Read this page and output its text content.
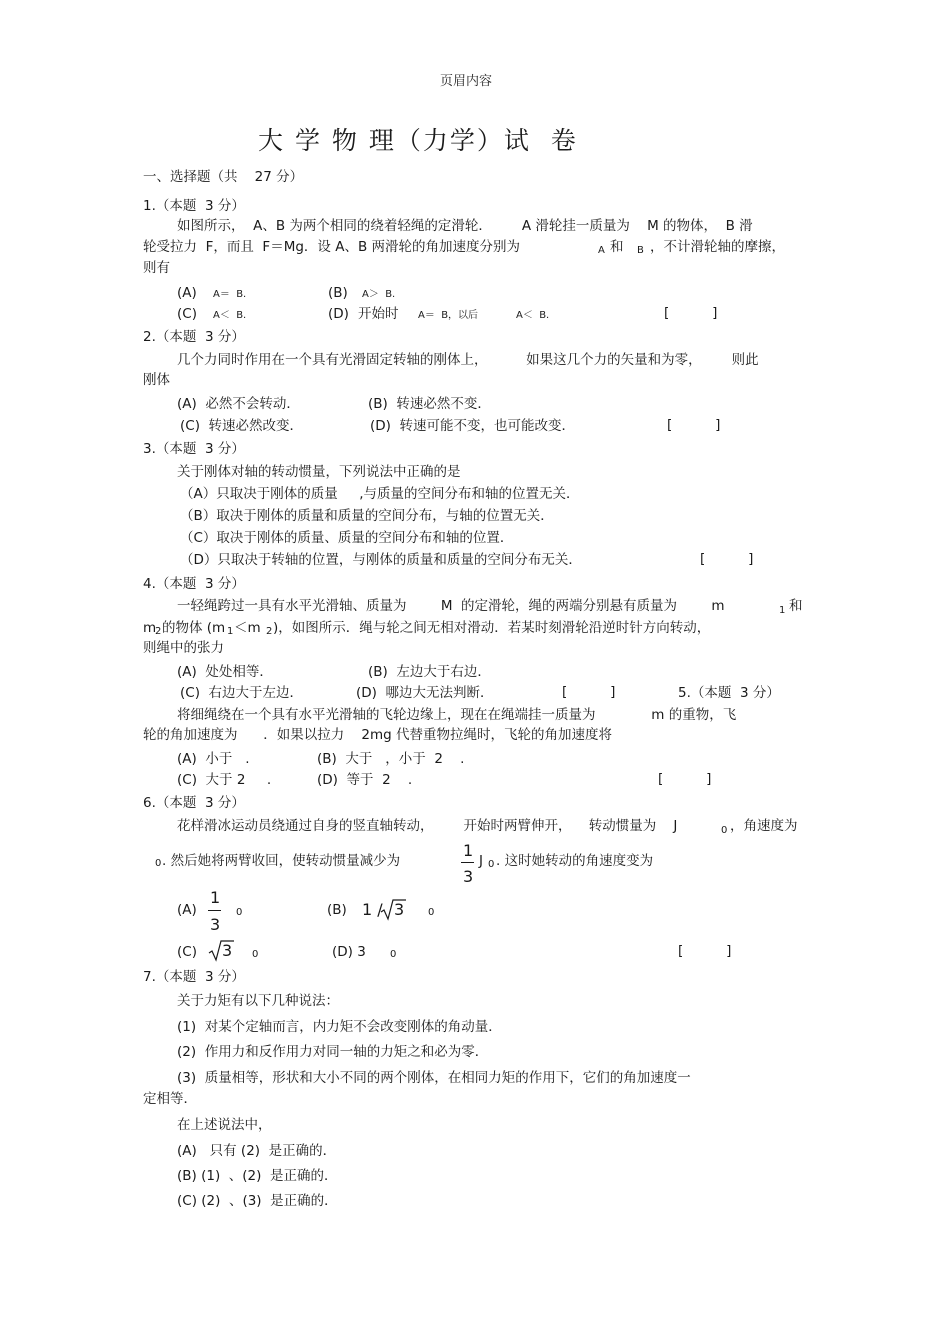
页眉内容
大 学 物 理（力学）试  卷
一、选择题（共    27 分）
1.（本题  3 分）
如图所示，  A、B 为两个相同的绕着轻绳的定滑轮．       A 滑轮挂一质量为    M 的物体，  B 滑
轮受拉力  F，而且  F＝Mg．设 A、B 两滑轮的角加速度分别为	A 和 B ，不计滑轮轴的摩擦，
则有
(A) A＝  B.	(B) A＞  B.
(C) A＜  B.	(D) 开始时 A＝  B，以后	A＜  B.	[          ]
2.（本题  3 分）
几个力同时作用在一个具有光滑固定转轴的刚体上，         如果这几个力的矢量和为零，       则此
刚体
(A)  必然不会转动．	(B)  转速必然不变．
(C)  转速必然改变．	(D)  转速可能不变，也可能改变．	[          ]
3.（本题  3 分）
关于刚体对轴的转动惯量，下列说法中正确的是
（A）只取决于刚体的质量     ,与质量的空间分布和轴的位置无关．
（B）取决于刚体的质量和质量的空间分布，与轴的位置无关．
（C）取决于刚体的质量、质量的空间分布和轴的位置．
（D）只取决于转轴的位置，与刚体的质量和质量的空间分布无关．	[          ]
4.（本题  3 分）
一轻绳跨过一具有水平光滑轴、质量为        M  的定滑轮，绳的两端分别悬有质量为        m	1 和
m
2 的物体 (m 1 ＜m 2 )，如图所示．绳与轮之间无相对滑动．若某时刻滑轮沿逆时针方向转动，
则绳中的张力
(A)  处处相等．	(B)  左边大于右边．
(C)  右边大于左边．	(D)  哪边大无法判断．	[          ]	5.（本题  3 分）
将细绳绕在一个具有水平光滑轴的飞轮边缘上，现在在绳端挂一质量为             m 的重物，飞
轮的角加速度为      ．如果以拉力    2mg 代替重物拉绳时，飞轮的角加速度将
(A)  小于   .	(B)  大于   ，小于  2    .
(C)  大于 2     .	(D)  等于  2    .	[          ]
6.（本题  3 分）
花样滑冰运动员绕通过自身的竖直轴转动，       开始时两臂伸开，    转动惯量为    J	0 ，角速度为
0 . 然后她将两臂收回，使转动惯量减少为
1
3
J 0 . 这时她转动的角速度变为
(A)
1
3
0	(B) 1 / 3 0
(C) 3 0	(D) 3 0	[          ]
7.（本题  3 分）
关于力矩有以下几种说法：
(1)  对某个定轴而言，内力矩不会改变刚体的角动量．
(2)  作用力和反作用力对同一轴的力矩之和必为零．
(3)  质量相等，形状和大小不同的两个刚体，在相同力矩的作用下，它们的角加速度一
定相等．
在上述说法中，
(A)   只有 (2)  是正确的．
(B) (1)  、(2)  是正确的．
(C) (2)  、(3)  是正确的．
